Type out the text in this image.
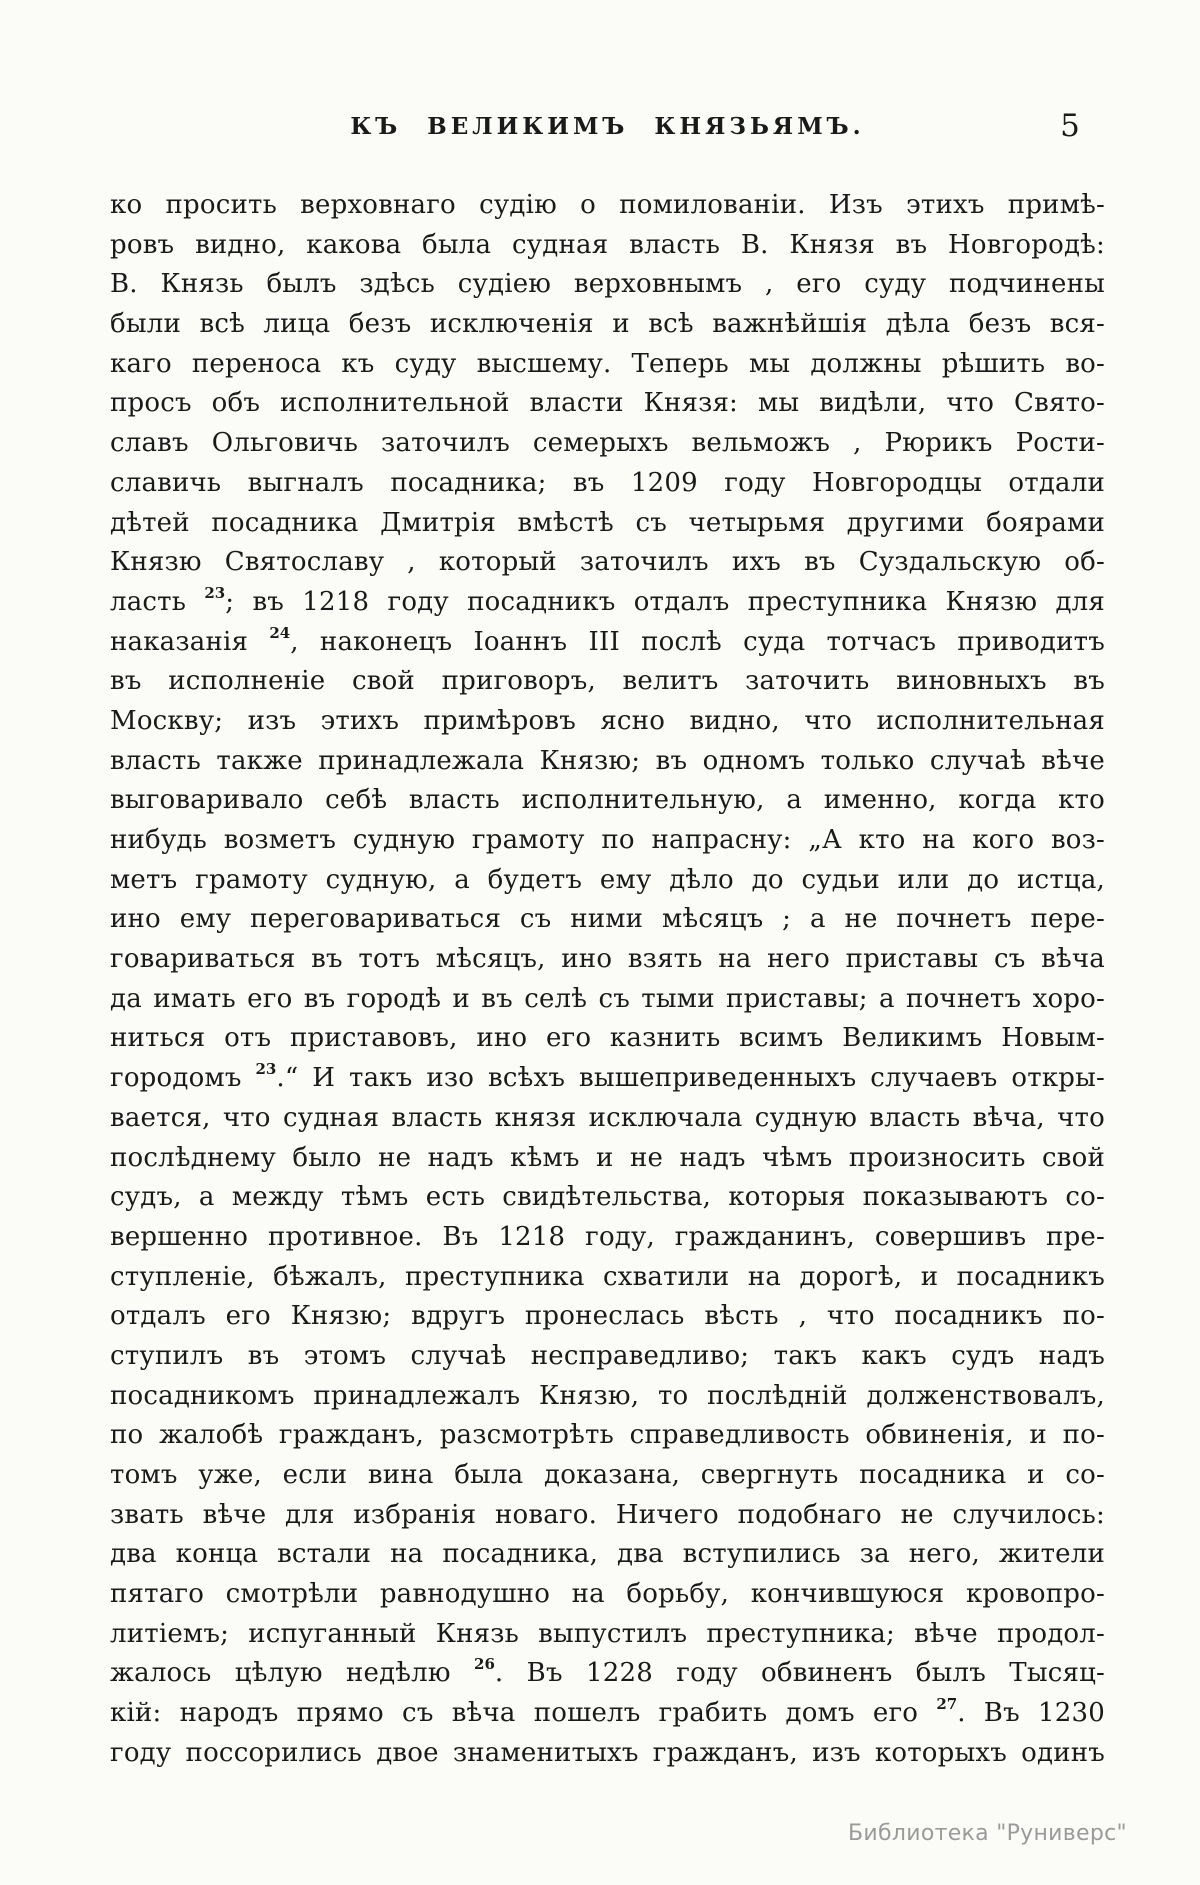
КЪ ВЕЛИКИМЪ КНЯЗЬЯМЪ.	5
ко просить верховнаго судію о помилованіи. Изъ этихъ примѣ-
ровъ видно, какова была судная власть В. Князя въ Новгородѣ:
В. Князь былъ здѣсь судіею верховнымъ , его суду подчинены
были всѣ лица безъ исключенія и всѣ важнѣйшія дѣла безъ вся-
каго переноса къ суду высшему. Теперь мы должны рѣшить во-
просъ объ исполнительной власти Князя: мы видѣли, что Свято-
славъ Ольговичь заточилъ семерыхъ вельможъ , Рюрикъ Рости-
славичь выгналъ посадника; въ 1209 году Новгородцы отдали
дѣтей посадника Дмитрія вмѣстѣ съ четырьмя другими боярами
Князю Святославу , который заточилъ ихъ въ Суздальскую об-
ласть $^{23}$; въ 1218 году посадникъ отдалъ преступника Князю для
наказанія $^{24}$, наконецъ Іоаннъ III послѣ суда тотчасъ приводитъ
въ исполненіе свой приговоръ, велитъ заточить виновныхъ въ
Москву; изъ этихъ примѣровъ ясно видно, что исполнительная
власть также принадлежала Князю; въ одномъ только случаѣ вѣче
выговаривало себѣ власть исполнительную, а именно, когда кто
нибудь возметъ судную грамоту по напрасну: „А кто на кого воз-
метъ грамоту судную, а будетъ ему дѣло до судьи или до истца,
ино ему переговариваться съ ними мѣсяцъ ; а не почнетъ пере-
говариваться въ тотъ мѣсяцъ, ино взять на него приставы съ вѣча
да имать его въ городѣ и въ селѣ съ тыми приставы; а почнетъ хоро-
ниться отъ приставовъ, ино его казнить всимъ Великимъ Новым-
городомъ $^{23}$.“ И такъ изо всѣхъ вышеприведенныхъ случаевъ откры-
вается, что судная власть князя исключала судную власть вѣча, что
послѣднему было не надъ кѣмъ и не надъ чѣмъ произносить свой
судъ, а между тѣмъ есть свидѣтельства, которыя показываютъ со-
вершенно противное. Въ 1218 году, гражданинъ, совершивъ пре-
ступленіе, бѣжалъ, преступника схватили на дорогѣ, и посадникъ
отдалъ его Князю; вдругъ пронеслась вѣсть , что посадникъ по-
ступилъ въ этомъ случаѣ несправедливо; такъ какъ судъ надъ
посадникомъ принадлежалъ Князю, то послѣдній долженствовалъ,
по жалобѣ гражданъ, разсмотрѣть справедливость обвиненія, и по-
томъ уже, если вина была доказана, свергнуть посадника и со-
звать вѣче для избранія новаго. Ничего подобнаго не случилось:
два конца встали на посадника, два вступились за него, жители
пятаго смотрѣли равнодушно на борьбу, кончившуюся кровопро-
литіемъ; испуганный Князь выпустилъ преступника; вѣче продол-
жалось цѣлую недѣлю $^{26}$. Въ 1228 году обвиненъ былъ Тысяц-
кій: народъ прямо съ вѣча пошелъ грабить домъ его $^{27}$. Въ 1230
году поссорились двое знаменитыхъ гражданъ, изъ которыхъ одинъ
Библиотека "Руниверс"
